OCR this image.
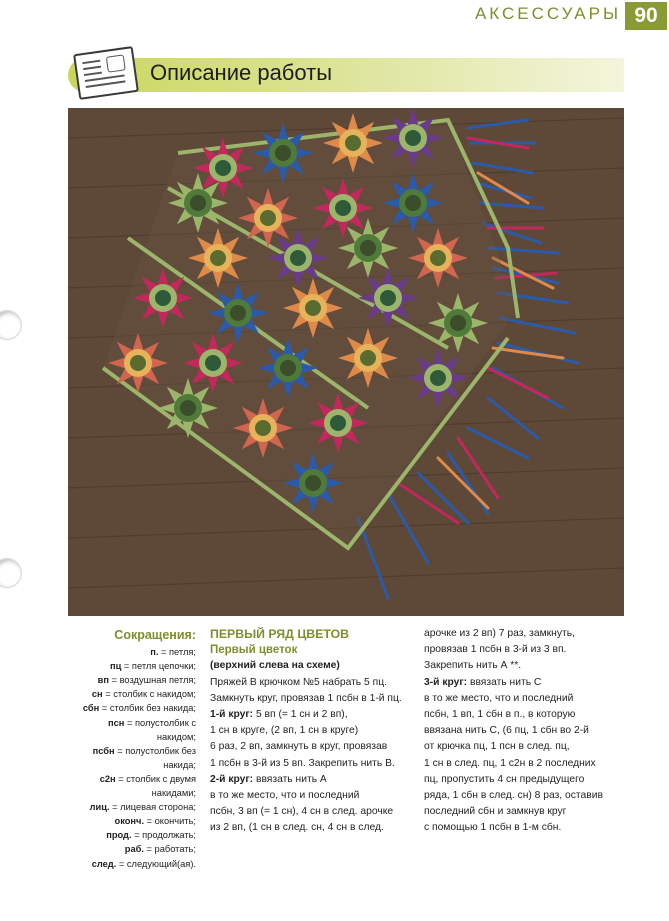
АКСЕССУАРЫ 90
Описание работы
Сокращения:
п. = петля;
пц = петля цепочки;
вп = воздушная петля;
сн = столбик с накидом;
сбн = столбик без накида;
псн = полустолбик с накидом;
псбн = полустолбик без накида;
с2н = столбик с двумя накидами;
лиц. = лицевая сторона;
оконч. = окончить;
прод. = продолжать;
раб. = работать;
след. = следующий(ая).
ПЕРВЫЙ РЯД ЦВЕТОВ
Первый цветок
(верхний слева на схеме)
Пряжей В крючком №5 набрать 5 пц.
Замкнуть круг, провязав 1 псбн в 1-й пц.
1-й круг: 5 вп (= 1 сн и 2 вп),
1 сн в круге, (2 вп, 1 сн в круге)
6 раз, 2 вп, замкнуть в круг, провязав
1 псбн в 3-й из 5 вп. Закрепить нить В.
2-й круг: ввязать нить А
в то же место, что и последний
псбн, 3 вп (= 1 сн), 4 сн в след. арочке
из 2 вп, (1 сн в след. сн, 4 сн в след.
арочке из 2 вп) 7 раз, замкнуть,
провязав 1 псбн в 3-й из 3 вп.
Закрепить нить А **.
3-й круг: ввязать нить С
в то же место, что и последний
псбн, 1 вп, 1 сбн в п., в которую
ввязана нить С, (6 пц, 1 сбн во 2-й
от крючка пц, 1 псн в след. пц,
1 сн в след. пц, 1 с2н в 2 последних
пц, пропустить 4 сн предыдущего
ряда, 1 сбн в след. сн) 8 раз, оставив
последний сбн и замкнув круг
с помощью 1 псбн в 1-м сбн.
